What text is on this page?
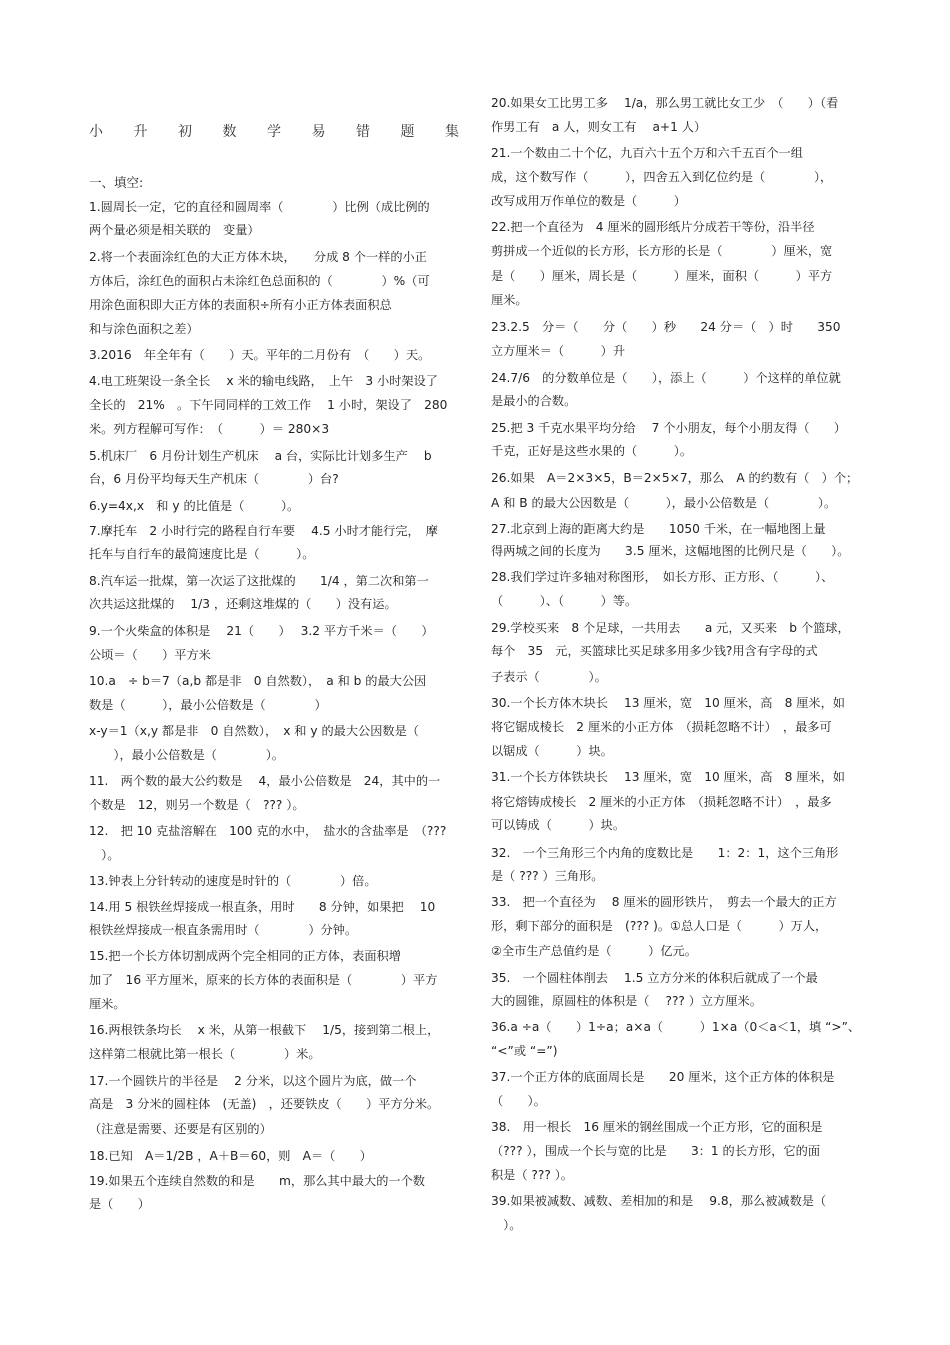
小 升 初 数 学 易 错 题 集
一、填空:
1.圆周长一定，它的直径和圆周率（　　　　）比例（成比例的
两个量必须是相关联的　变量）
2.将一个表面涂红色的大正方体木块，　　分成 8 个一样的小正
方体后，涂红色的面积占未涂红色总面积的（　　　　）%（可
用涂色面积即大正方体的表面积÷所有小正方体表面积总
和与涂色面积之差）
3.2016　年全年有（　　）天。平年的二月份有　（　　）天。
4.电工班架设一条全长　 x 米的输电线路，　上午　3 小时架设了
全长的　21%　。下午同同样的工效工作　 1 小时，架设了　280
米。列方程解可写作：　（　　　）＝ 280×3
5.机床厂　6 月份计划生产机床　 a 台，实际比计划多生产　 b
台，6 月份平均每天生产机床（　　　　）台?
6.y=4x,x　和 y 的比值是（　　　）。
7.摩托车　2 小时行完的路程自行车要　 4.5 小时才能行完，　摩
托车与自行车的最简速度比是（　　　）。
8.汽车运一批煤，第一次运了这批煤的　　1/4 ，第二次和第一
次共运这批煤的　 1/3 ，还剩这堆煤的（　　）没有运。
9.一个火柴盒的体积是　 21（　　）　 3.2 平方千米＝（　　）
公顷＝（　　）平方米
10.a　÷ b＝7（a,b 都是非　0 自然数），　a 和 b 的最大公因
数是（　　　），最小公倍数是（　　　　）
x-y＝1（x,y 都是非　0 自然数），　x 和 y 的最大公因数是（
　　），最小公倍数是（　　　　）。
11.　两个数的最大公约数是　 4，最小公倍数是　24，其中的一
个数是　12，则另一个数是（　??? ）。
12.　把 10 克盐溶解在　100 克的水中，　盐水的含盐率是　（???
　）。
13.钟表上分针转动的速度是时针的（　　　　）倍。
14.用 5 根铁丝焊接成一根直条，用时　　8 分钟，如果把　 10
根铁丝焊接成一根直条需用时（　　　　）分钟。
15.把一个长方体切割成两个完全相同的正方体，表面积增
加了　16 平方厘米，原来的长方体的表面积是（　　　　）平方
厘米。
16.两根铁条均长　 x 米，从第一根截下　 1/5，接到第二根上，
这样第二根就比第一根长（　　　　）米。
17.一个圆铁片的半径是　 2 分米，以这个圆片为底，做一个
高是　3 分米的圆柱体　(无盖)　，还要铁皮（　　）平方分米。
（注意是需要、还要是有区别的）
18.已知　A＝1/2B ，A＋B＝60，则　A＝（　　）
19.如果五个连续自然数的和是　　m，那么其中最大的一个数
是（　　）
20.如果女工比男工多　 1/a，那么男工就比女工少　（　　）（看
作男工有　a 人，则女工有　 a+1 人）
21.一个数由二十个亿，九百六十五个万和六千五百个一组
成，这个数写作（　　　），四舍五入到亿位约是（　　　　），
改写成用万作单位的数是（　　　）
22.把一个直径为　4 厘米的圆形纸片分成若干等份，沿半径
剪拼成一个近似的长方形，长方形的长是（　　　　）厘米，宽
是（　　）厘米，周长是（　　　）厘米，面积（　　　）平方
厘米。
23.2.5　分＝（　　分（　　）秒　　24 分＝（　）时　　350
立方厘米＝（　　　）升
24.7/6　的分数单位是（　　），添上（　　　）个这样的单位就
是最小的合数。
25.把 3 千克水果平均分给　 7 个小朋友，每个小朋友得（　　）
千克，正好是这些水果的（　　　）。
26.如果　A＝2×3×5，B＝2×5×7，那么　A 的约数有（　）个；
A 和 B 的最大公因数是（　　　），最小公倍数是（　　　　）。
27.北京到上海的距离大约是　　1050 千米，在一幅地图上量
得两城之间的长度为　　3.5 厘米，这幅地图的比例尺是（　　）。
28.我们学过许多轴对称图形，　如长方形、正方形、（　　　）、
（　　　）、（　　　）等。
29.学校买来　8 个足球，一共用去　　a 元，又买来　b 个篮球，
每个　35　元，买篮球比买足球多用多少钱?用含有字母的式
子表示（　　　　）。
30.一个长方体木块长　 13 厘米，宽　10 厘米，高　8 厘米，如
将它锯成棱长　2 厘米的小正方体　（损耗忽略不计）　，最多可
以锯成（　　　）块。
31.一个长方体铁块长　 13 厘米，宽　10 厘米，高　8 厘米，如
将它熔铸成棱长　2 厘米的小正方体　（损耗忽略不计）　，最多
可以铸成（　　　）块。
32.　一个三角形三个内角的度数比是　　1：2：1，这个三角形
是（ ??? ）三角形。
33.　把一个直径为　 8 厘米的圆形铁片，　剪去一个最大的正方
形，剩下部分的面积是　(??? )。①总人口是（　　　）万人，
②全市生产总值约是（　　　）亿元。
35.　一个圆柱体削去　 1.5 立方分米的体积后就成了一个最
大的圆锥，原圆柱的体积是（　 ??? ）立方厘米。
36.a ÷a（　　）1÷a；a×a（　　　）1×a（0＜a＜1，填 “>”、
“<”或 “=”)
37.一个正方体的底面周长是　　20 厘米，这个正方体的体积是
（　　）。
38.　用一根长　16 厘米的钢丝围成一个正方形，它的面积是
（??? ），围成一个长与宽的比是　　3：1 的长方形，它的面
积是（ ??? ）。
39.如果被减数、减数、差相加的和是　 9.8，那么被减数是（
　）。
